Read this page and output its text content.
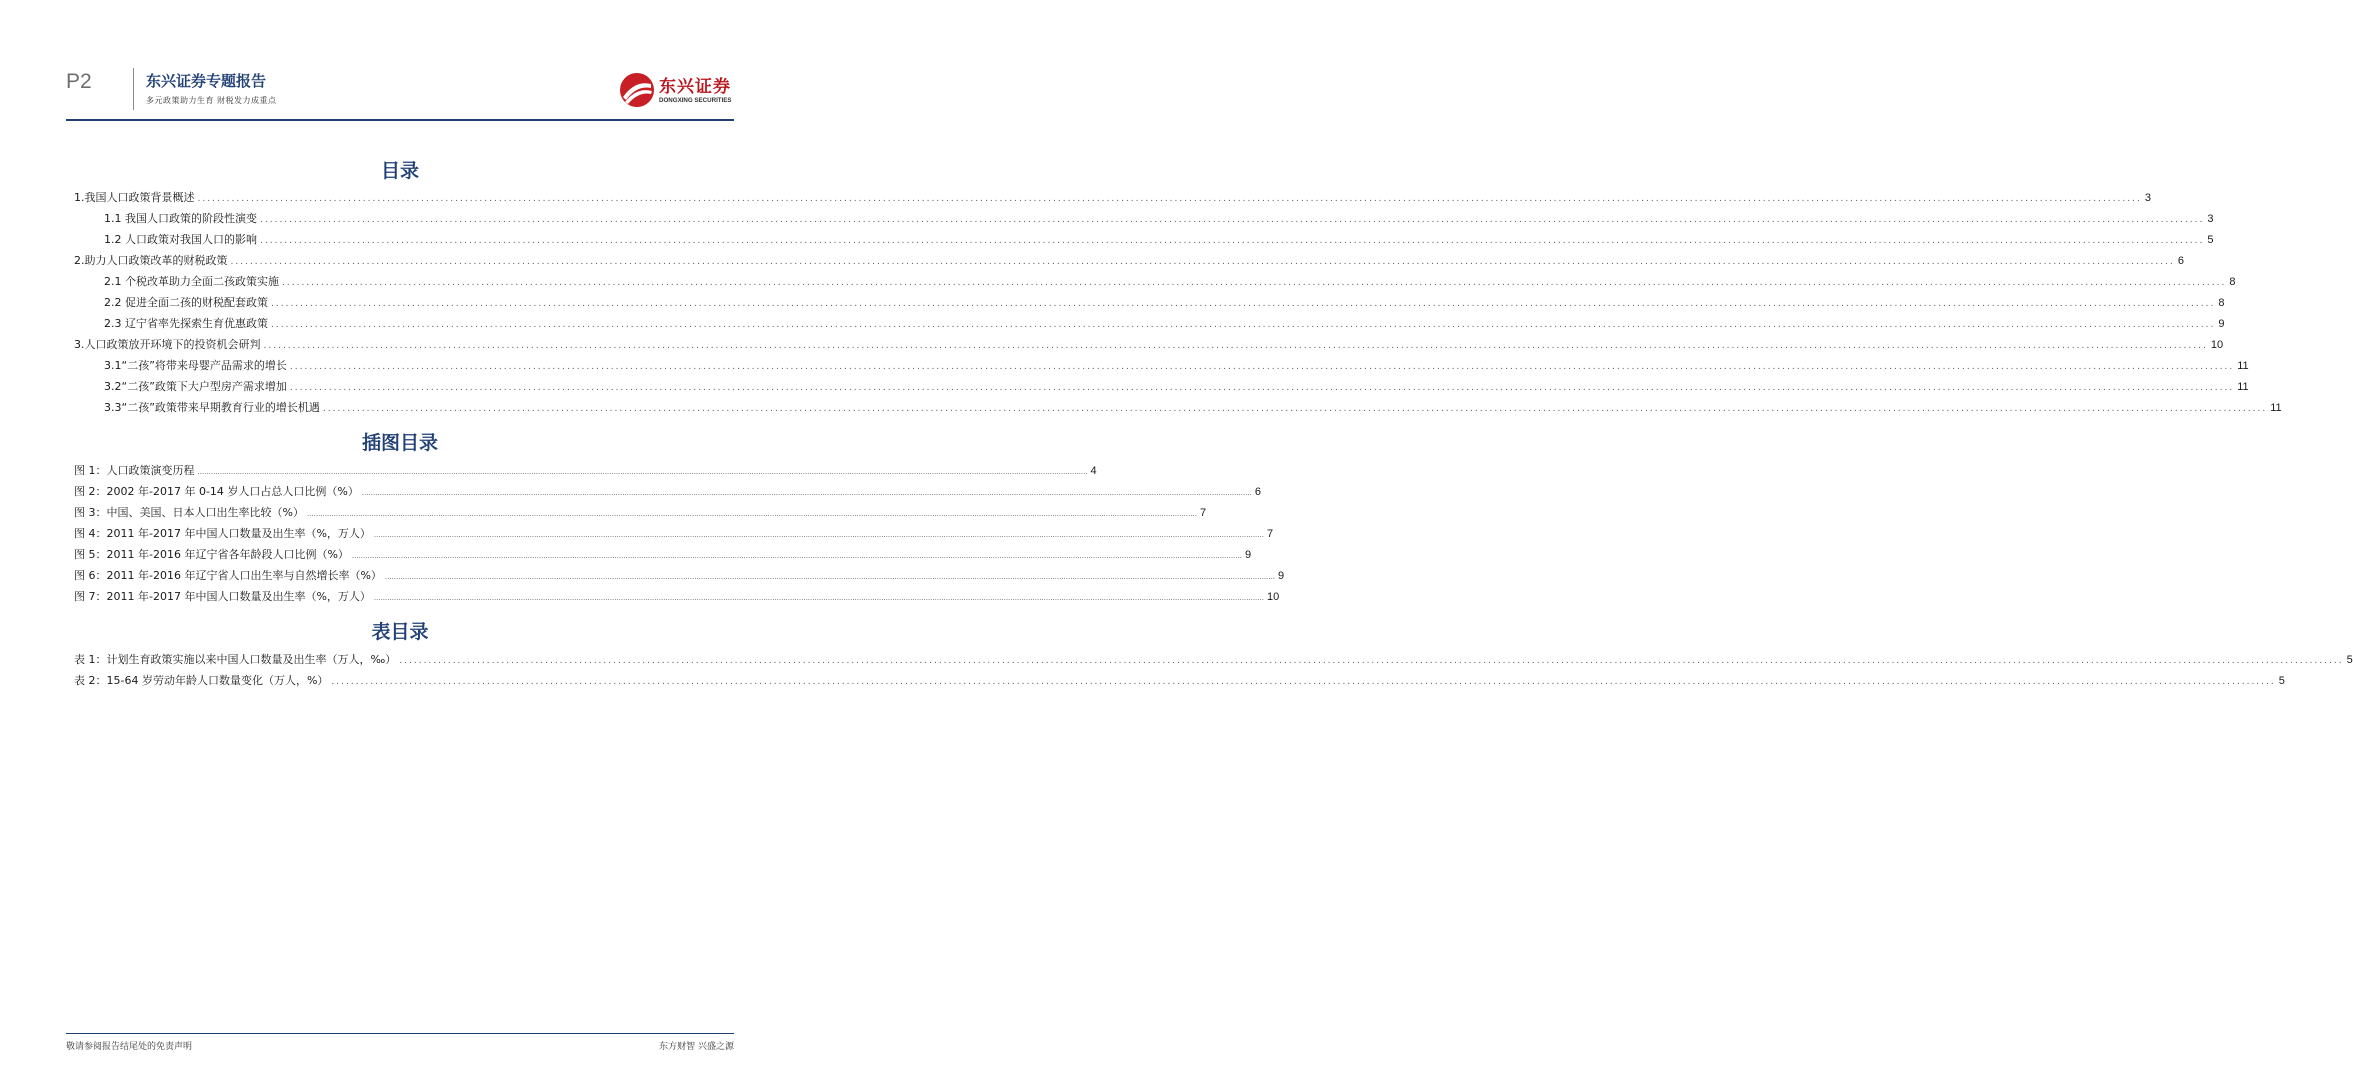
P2	东兴证券专题报告
多元政策助力生育 财税发力成重点
东兴证券
DONGXING SECURITIES
目录
1.我国人口政策背景概述 ................................................................................................................................................................................................................................................................................................................................................................................................................ 3
1.1 我国人口政策的阶段性演变 ................................................................................................................................................................................................................................................................................................................................................................................................................ 3
1.2 人口政策对我国人口的影响 ................................................................................................................................................................................................................................................................................................................................................................................................................ 5
2.助力人口政策改革的财税政策 ................................................................................................................................................................................................................................................................................................................................................................................................................ 6
2.1 个税改革助力全面二孩政策实施 ................................................................................................................................................................................................................................................................................................................................................................................................................ 8
2.2 促进全面二孩的财税配套政策 ................................................................................................................................................................................................................................................................................................................................................................................................................ 8
2.3 辽宁省率先探索生育优惠政策 ................................................................................................................................................................................................................................................................................................................................................................................................................ 9
3.人口政策放开环境下的投资机会研判 ................................................................................................................................................................................................................................................................................................................................................................................................................ 10
3.1“二孩”将带来母婴产品需求的增长 ................................................................................................................................................................................................................................................................................................................................................................................................................ 11
3.2“二孩”政策下大户型房产需求增加 ................................................................................................................................................................................................................................................................................................................................................................................................................ 11
3.3“二孩”政策带来早期教育行业的增长机遇 ................................................................................................................................................................................................................................................................................................................................................................................................................ 11
插图目录
图 1：人口政策演变历程 ................................................................................................................................................................................................................................................................................................................................................................................................................ 4
图 2：2002 年-2017 年 0-14 岁人口占总人口比例（%） ................................................................................................................................................................................................................................................................................................................................................................................................................ 6
图 3：中国、美国、日本人口出生率比较（%） ................................................................................................................................................................................................................................................................................................................................................................................................................ 7
图 4：2011 年-2017 年中国人口数量及出生率（%，万人） ................................................................................................................................................................................................................................................................................................................................................................................................................ 7
图 5：2011 年-2016 年辽宁省各年龄段人口比例（%） ................................................................................................................................................................................................................................................................................................................................................................................................................ 9
图 6：2011 年-2016 年辽宁省人口出生率与自然增长率（%） ................................................................................................................................................................................................................................................................................................................................................................................................................ 9
图 7：2011 年-2017 年中国人口数量及出生率（%，万人） ................................................................................................................................................................................................................................................................................................................................................................................................................ 10
表目录
表 1：计划生育政策实施以来中国人口数量及出生率（万人，‰） ................................................................................................................................................................................................................................................................................................................................................................................................................ 5
表 2：15-64 岁劳动年龄人口数量变化（万人，%） ................................................................................................................................................................................................................................................................................................................................................................................................................ 5
敬请参阅报告结尾处的免责声明	东方财智 兴盛之源
